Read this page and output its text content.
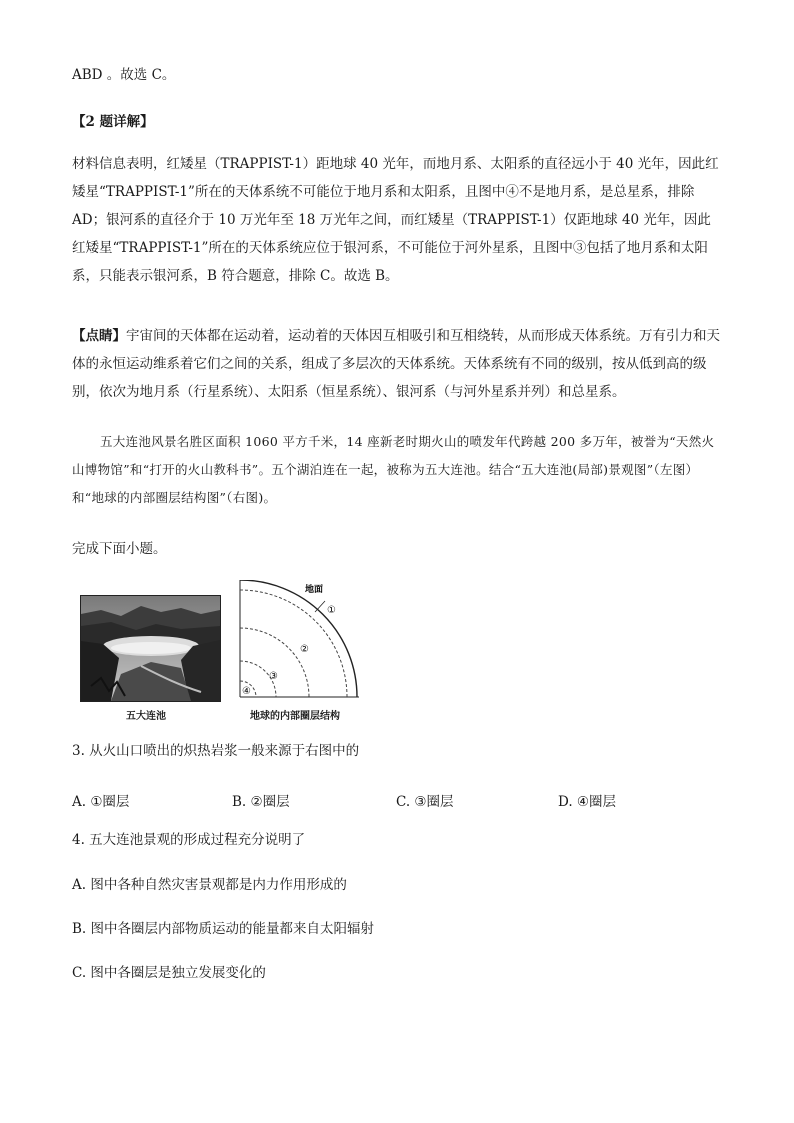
ABD 。故选 C。
【2 题详解】
材料信息表明，红矮星（TRAPPIST-1）距地球 40 光年，而地月系、太阳系的直径远小于 40 光年，因此红矮星“TRAPPIST-1”所在的天体系统不可能位于地月系和太阳系，且图中④不是地月系，是总星系，排除 AD；银河系的直径介于 10 万光年至 18 万光年之间，而红矮星（TRAPPIST-1）仅距地球 40 光年，因此红矮星“TRAPPIST-1”所在的天体系统应位于银河系，不可能位于河外星系，且图中③包括了地月系和太阳系，只能表示银河系，B 符合题意，排除 C。故选 B。
【点睛】宇宙间的天体都在运动着，运动着的天体因互相吸引和互相绕转，从而形成天体系统。万有引力和天体的永恒运动维系着它们之间的关系，组成了多层次的天体系统。天体系统有不同的级别，按从低到高的级别，依次为地月系（行星系统）、太阳系（恒星系统）、银河系（与河外星系并列）和总星系。
五大连池风景名胜区面积 1060 平方千米，14 座新老时期火山的喷发年代跨越 200 多万年，被誉为“天然火山博物馆”和“打开的火山教科书”。五个湖泊连在一起，被称为五大连池。结合“五大连池(局部)景观图”（左图）和“地球的内部圈层结构图”（右图)。
完成下面小题。
五大连池
地面
①
②
③
④
地球的内部圈层结构
3. 从火山口喷出的炽热岩浆一般来源于右图中的
A. ①圈层	B. ②圈层	C. ③圈层	D. ④圈层
4. 五大连池景观的形成过程充分说明了
A. 图中各种自然灾害景观都是内力作用形成的
B. 图中各圈层内部物质运动的能量都来自太阳辐射
C. 图中各圈层是独立发展变化的
